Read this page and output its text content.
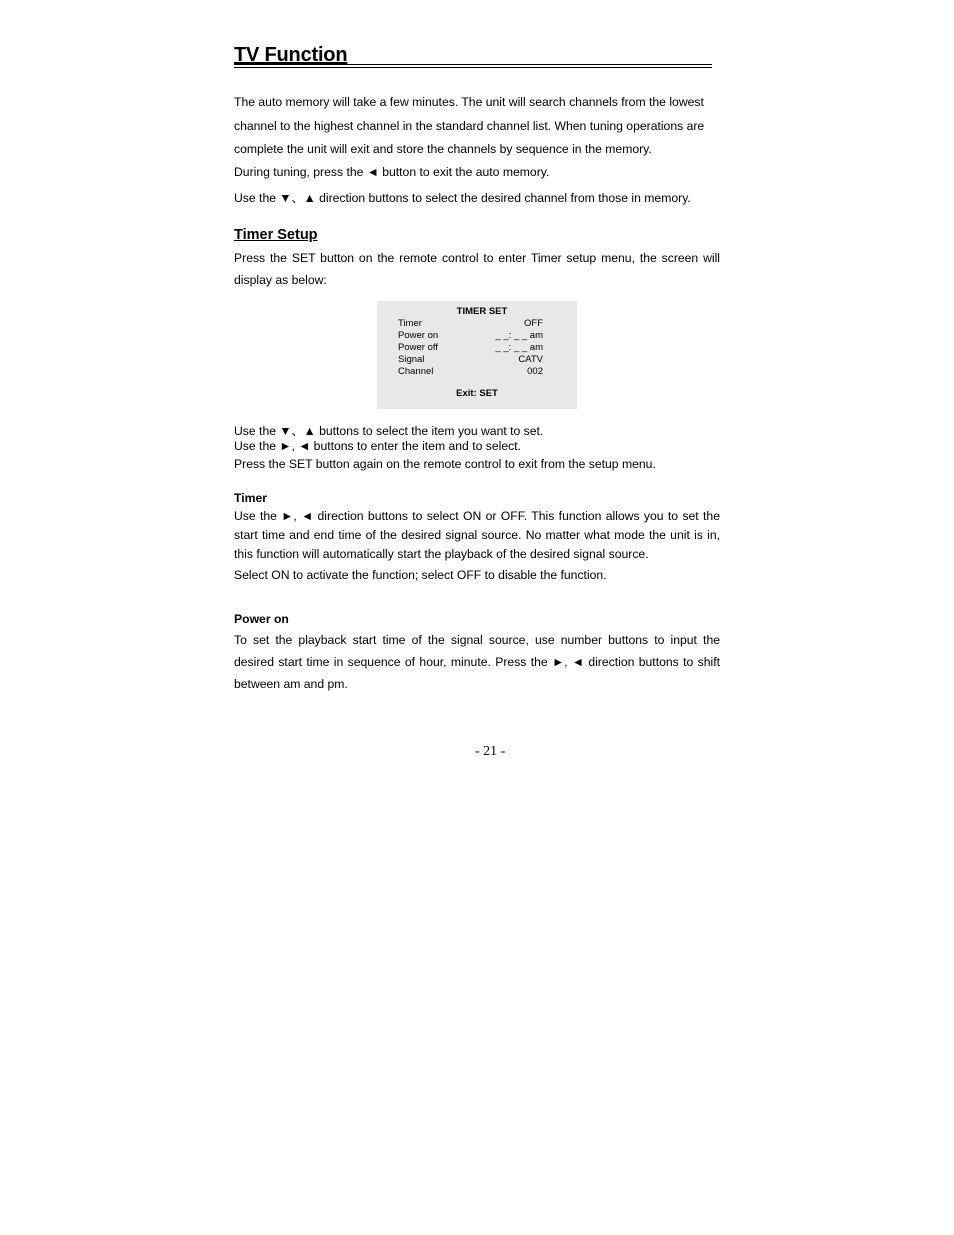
TV Function
The auto memory will take a few minutes. The unit will search channels from the lowest
channel to the highest channel in the standard channel list. When tuning operations are
complete the unit will exit and store the channels by sequence in the memory.
During tuning, press the ◄ button to exit the auto memory.
Use the ▼、▲ direction buttons to select the desired channel from those in memory.
Timer Setup
Press the SET button on the remote control to enter Timer setup menu, the screen will
display as below:
TIMER SET
Timer	OFF
Power on	_ _: _ _ am
Power off	_ _: _ _ am
Signal	CATV
Channel	002
Exit: SET
Use the ▼、▲ buttons to select the item you want to set.
Use the ►, ◄ buttons to enter the item and to select.
Press the SET button again on the remote control to exit from the setup menu.
Timer
Use the ►, ◄ direction buttons to select ON or OFF. This function allows you to set the
start time and end time of the desired signal source. No matter what mode the unit is in,
this function will automatically start the playback of the desired signal source.
Select ON to activate the function; select OFF to disable the function.
Power on
To set the playback start time of the signal source, use number buttons to input the
desired start time in sequence of hour, minute. Press the ►, ◄ direction buttons to shift
between am and pm.
- 21 -
